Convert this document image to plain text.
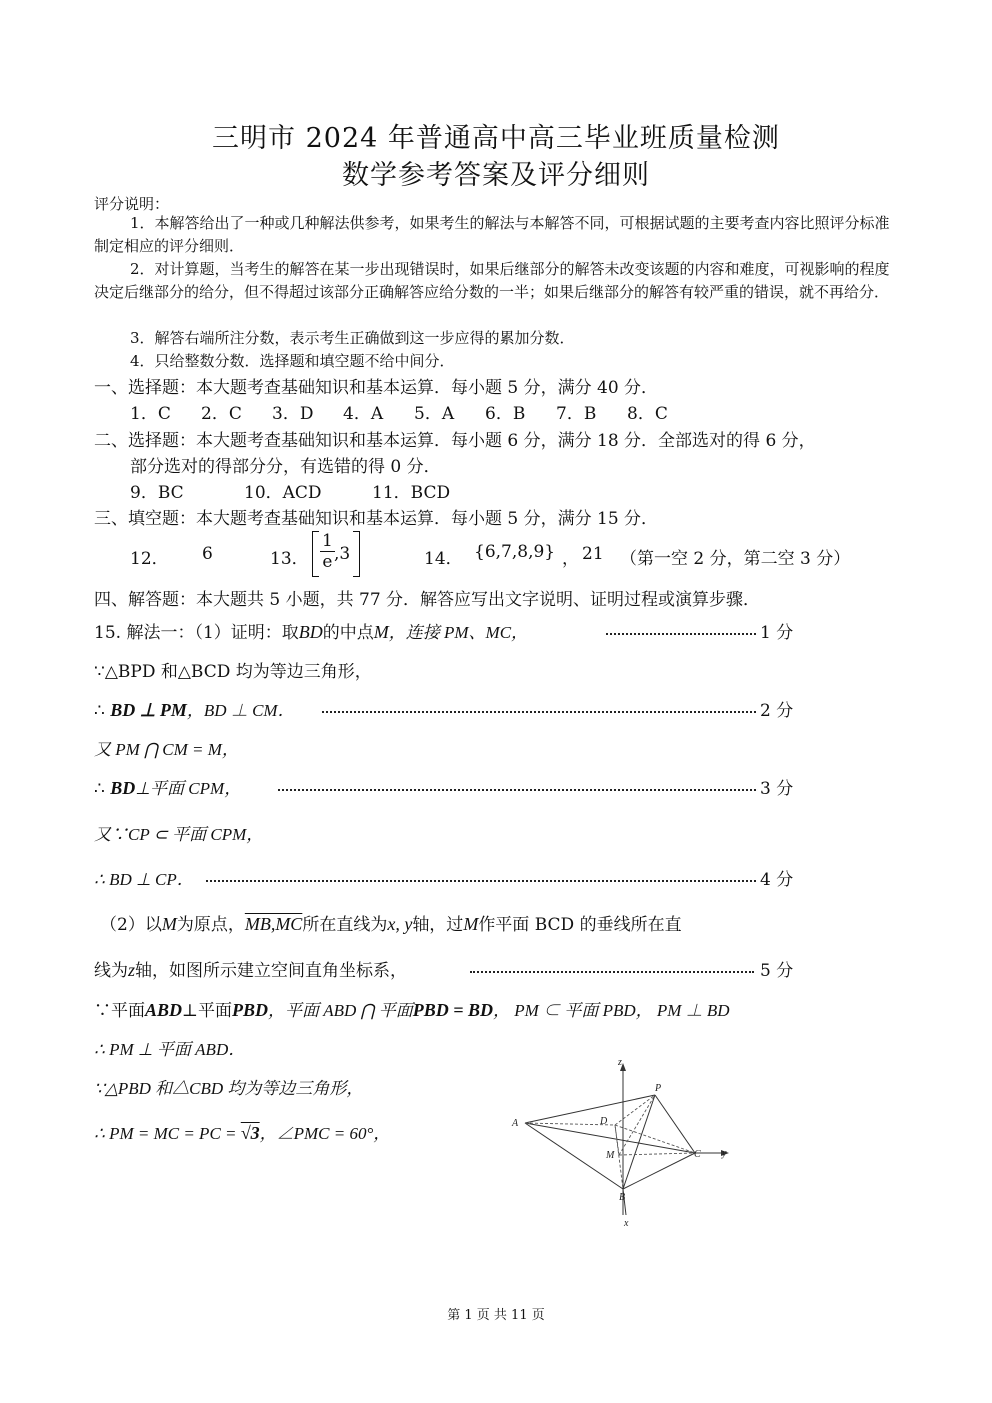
三明市 2024 年普通高中高三毕业班质量检测
数学参考答案及评分细则
评分说明：
1．本解答给出了一种或几种解法供参考，如果考生的解法与本解答不同，可根据试题的主要考查内容比照评分标准制定相应的评分细则．
2．对计算题，当考生的解答在某一步出现错误时，如果后继部分的解答未改变该题的内容和难度，可视影响的程度决定后继部分的给分，但不得超过该部分正确解答应给分数的一半；如果后继部分的解答有较严重的错误，就不再给分．
3．解答右端所注分数，表示考生正确做到这一步应得的累加分数．
4．只给整数分数．选择题和填空题不给中间分．
一、选择题：本大题考查基础知识和基本运算．每小题 5 分，满分 40 分．
1．C 2．C 3．D 4．A 5．A 6．B 7．B 8．C
二、选择题：本大题考查基础知识和基本运算．每小题 6 分，满分 18 分．全部选对的得 6 分，
部分选对的得部分分，有选错的得 0 分．
9．BC	10．ACD	11．BCD
三、填空题：本大题考查基础知识和基本运算．每小题 5 分，满分 15 分．
12． 6	13． $\frac{1}{e} ,3$	14． {6,7,8,9} ， 21 （第一空 2 分，第二空 3 分）
四、解答题：本大题共 5 小题，共 77 分．解答应写出文字说明、证明过程或演算步骤．
15. 解法一：（1）证明：取BD的中点M，连接 PM、MC，	1 分
∵△BPD 和△BCD 均为等边三角形，
∴ BD ⊥ PM，BD ⊥ CM．	2 分
又 PM ⋂ CM = M，
∴ BD⊥平面 CPM，	3 分
又∵CP ⊂ 平面 CPM，
∴ BD ⊥ CP．	4 分
（2）以M为原点，MB,MC所在直线为x, y轴，过M作平面 BCD 的垂线所在直
线为z轴，如图所示建立空间直角坐标系，	5 分
∵平面ABD⊥平面PBD，平面 ABD ⋂ 平面PBD = BD， PM ⊂ 平面 PBD， PM ⊥ BD
∴ PM ⊥ 平面 ABD．
∵△PBD 和△CBD 均为等边三角形，
∴ PM = MC = PC = √3，∠PMC = 60°，
z
P
A	D
M	C y
B
x
第 1 页 共 11 页
